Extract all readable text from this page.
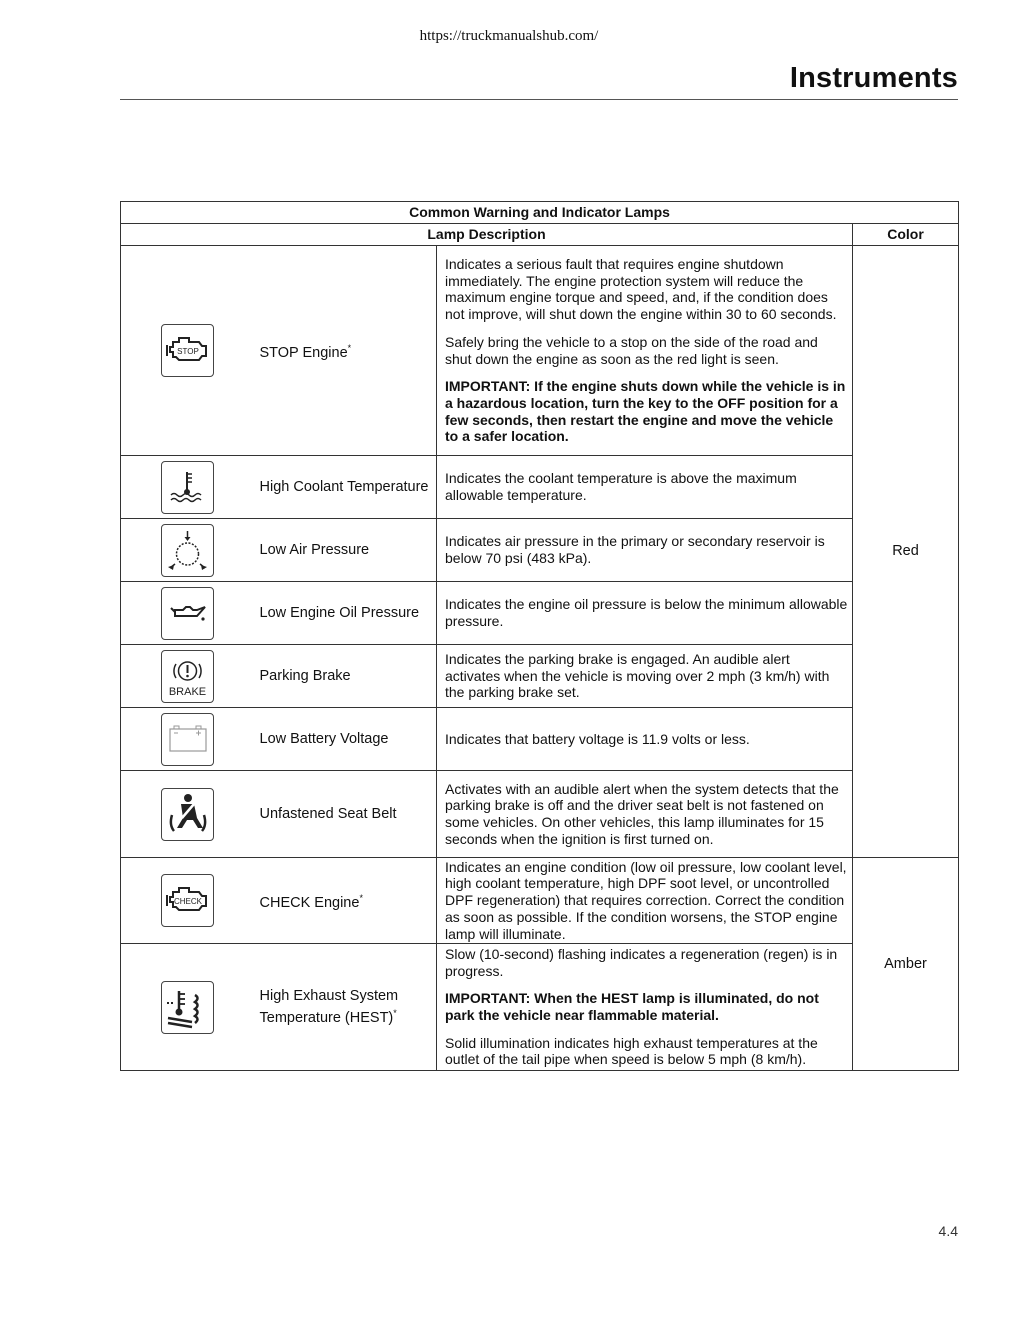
https://truckmanualshub.com/
Instruments
Common Warning and Indicator Lamps			
Lamp Description			Color

STOP	STOP Engine*	Indicates a serious fault that requires engine shutdown immediately. The engine protection system will reduce the maximum engine torque and speed, and, if the condition does not improve, will shut down the engine within 30 to 60 seconds.

Safely bring the vehicle to a stop on the side of the road and shut down the engine as soon as the red light is seen.

IMPORTANT: If the engine shuts down while the vehicle is in a hazardous location, turn the key to the OFF position for a few seconds, then restart the engine and move the vehicle to a safer location.	Red

High Coolant Temperature	Indicates the coolant temperature is above the maximum allowable temperature.	

Low Air Pressure	Indicates air pressure in the primary or secondary reservoir is below 70 psi (483 kPa).	

Low Engine Oil Pressure	Indicates the engine oil pressure is below the minimum allowable pressure.	

BRAKE	Parking Brake	Indicates the parking brake is engaged. An audible alert activates when the vehicle is moving over 2 mph (3 km/h) with the parking brake set.	

Low Battery Voltage	Indicates that battery voltage is 11.9 volts or less.	

Unfastened Seat Belt	Activates with an audible alert when the system detects that the parking brake is off and the driver seat belt is not fastened on some vehicles. On other vehicles, this lamp illuminates for 15 seconds when the ignition is first turned on.	

CHECK	CHECK Engine*	Indicates an engine condition (low oil pressure, low coolant level, high coolant temperature, high DPF soot level, or uncontrolled DPF regeneration) that requires correction. Correct the condition as soon as possible. If the condition worsens, the STOP engine lamp will illuminate.	Amber

High Exhaust System Temperature (HEST)*	Slow (10-second) flashing indicates a regeneration (regen) is in progress.

IMPORTANT: When the HEST lamp is illuminated, do not park the vehicle near flammable material.

Solid illumination indicates high exhaust temperatures at the outlet of the tail pipe when speed is below 5 mph (8 km/h).	

4.4
